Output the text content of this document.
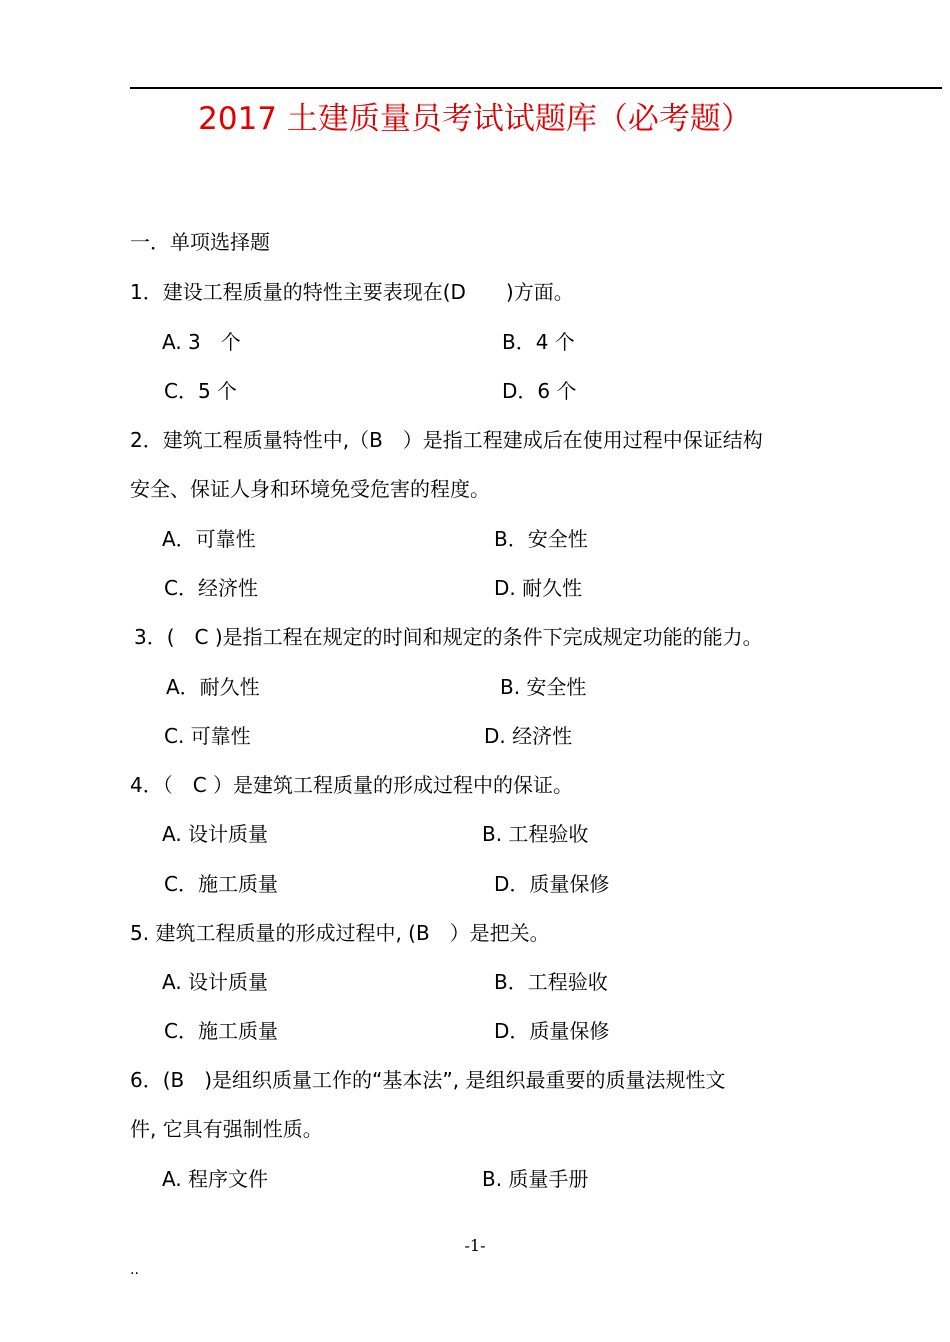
2017 土建质量员考试试题库（必考题）
一．单项选择题
1．建设工程质量的特性主要表现在(D　　)方面。
A. 3　个	B．4 个
C．5 个	D．6 个
2．建筑工程质量特性中,（B　）是指工程建成后在使用过程中保证结构
安全、保证人身和环境免受危害的程度。
A．可靠性	B．安全性
C．经济性	D. 耐久性
3．(　C )是指工程在规定的时间和规定的条件下完成规定功能的能力。
A．耐久性	B. 安全性
C. 可靠性	D. 经济性
4．（　C ）是建筑工程质量的形成过程中的保证。
A. 设计质量	B. 工程验收
C．施工质量	D．质量保修
5. 建筑工程质量的形成过程中, (B　）是把关。
A. 设计质量	B．工程验收
C．施工质量	D．质量保修
6．(B　)是组织质量工作的“基本法”, 是组织最重要的质量法规性文
件, 它具有强制性质。
A. 程序文件	B. 质量手册
-1-
..
